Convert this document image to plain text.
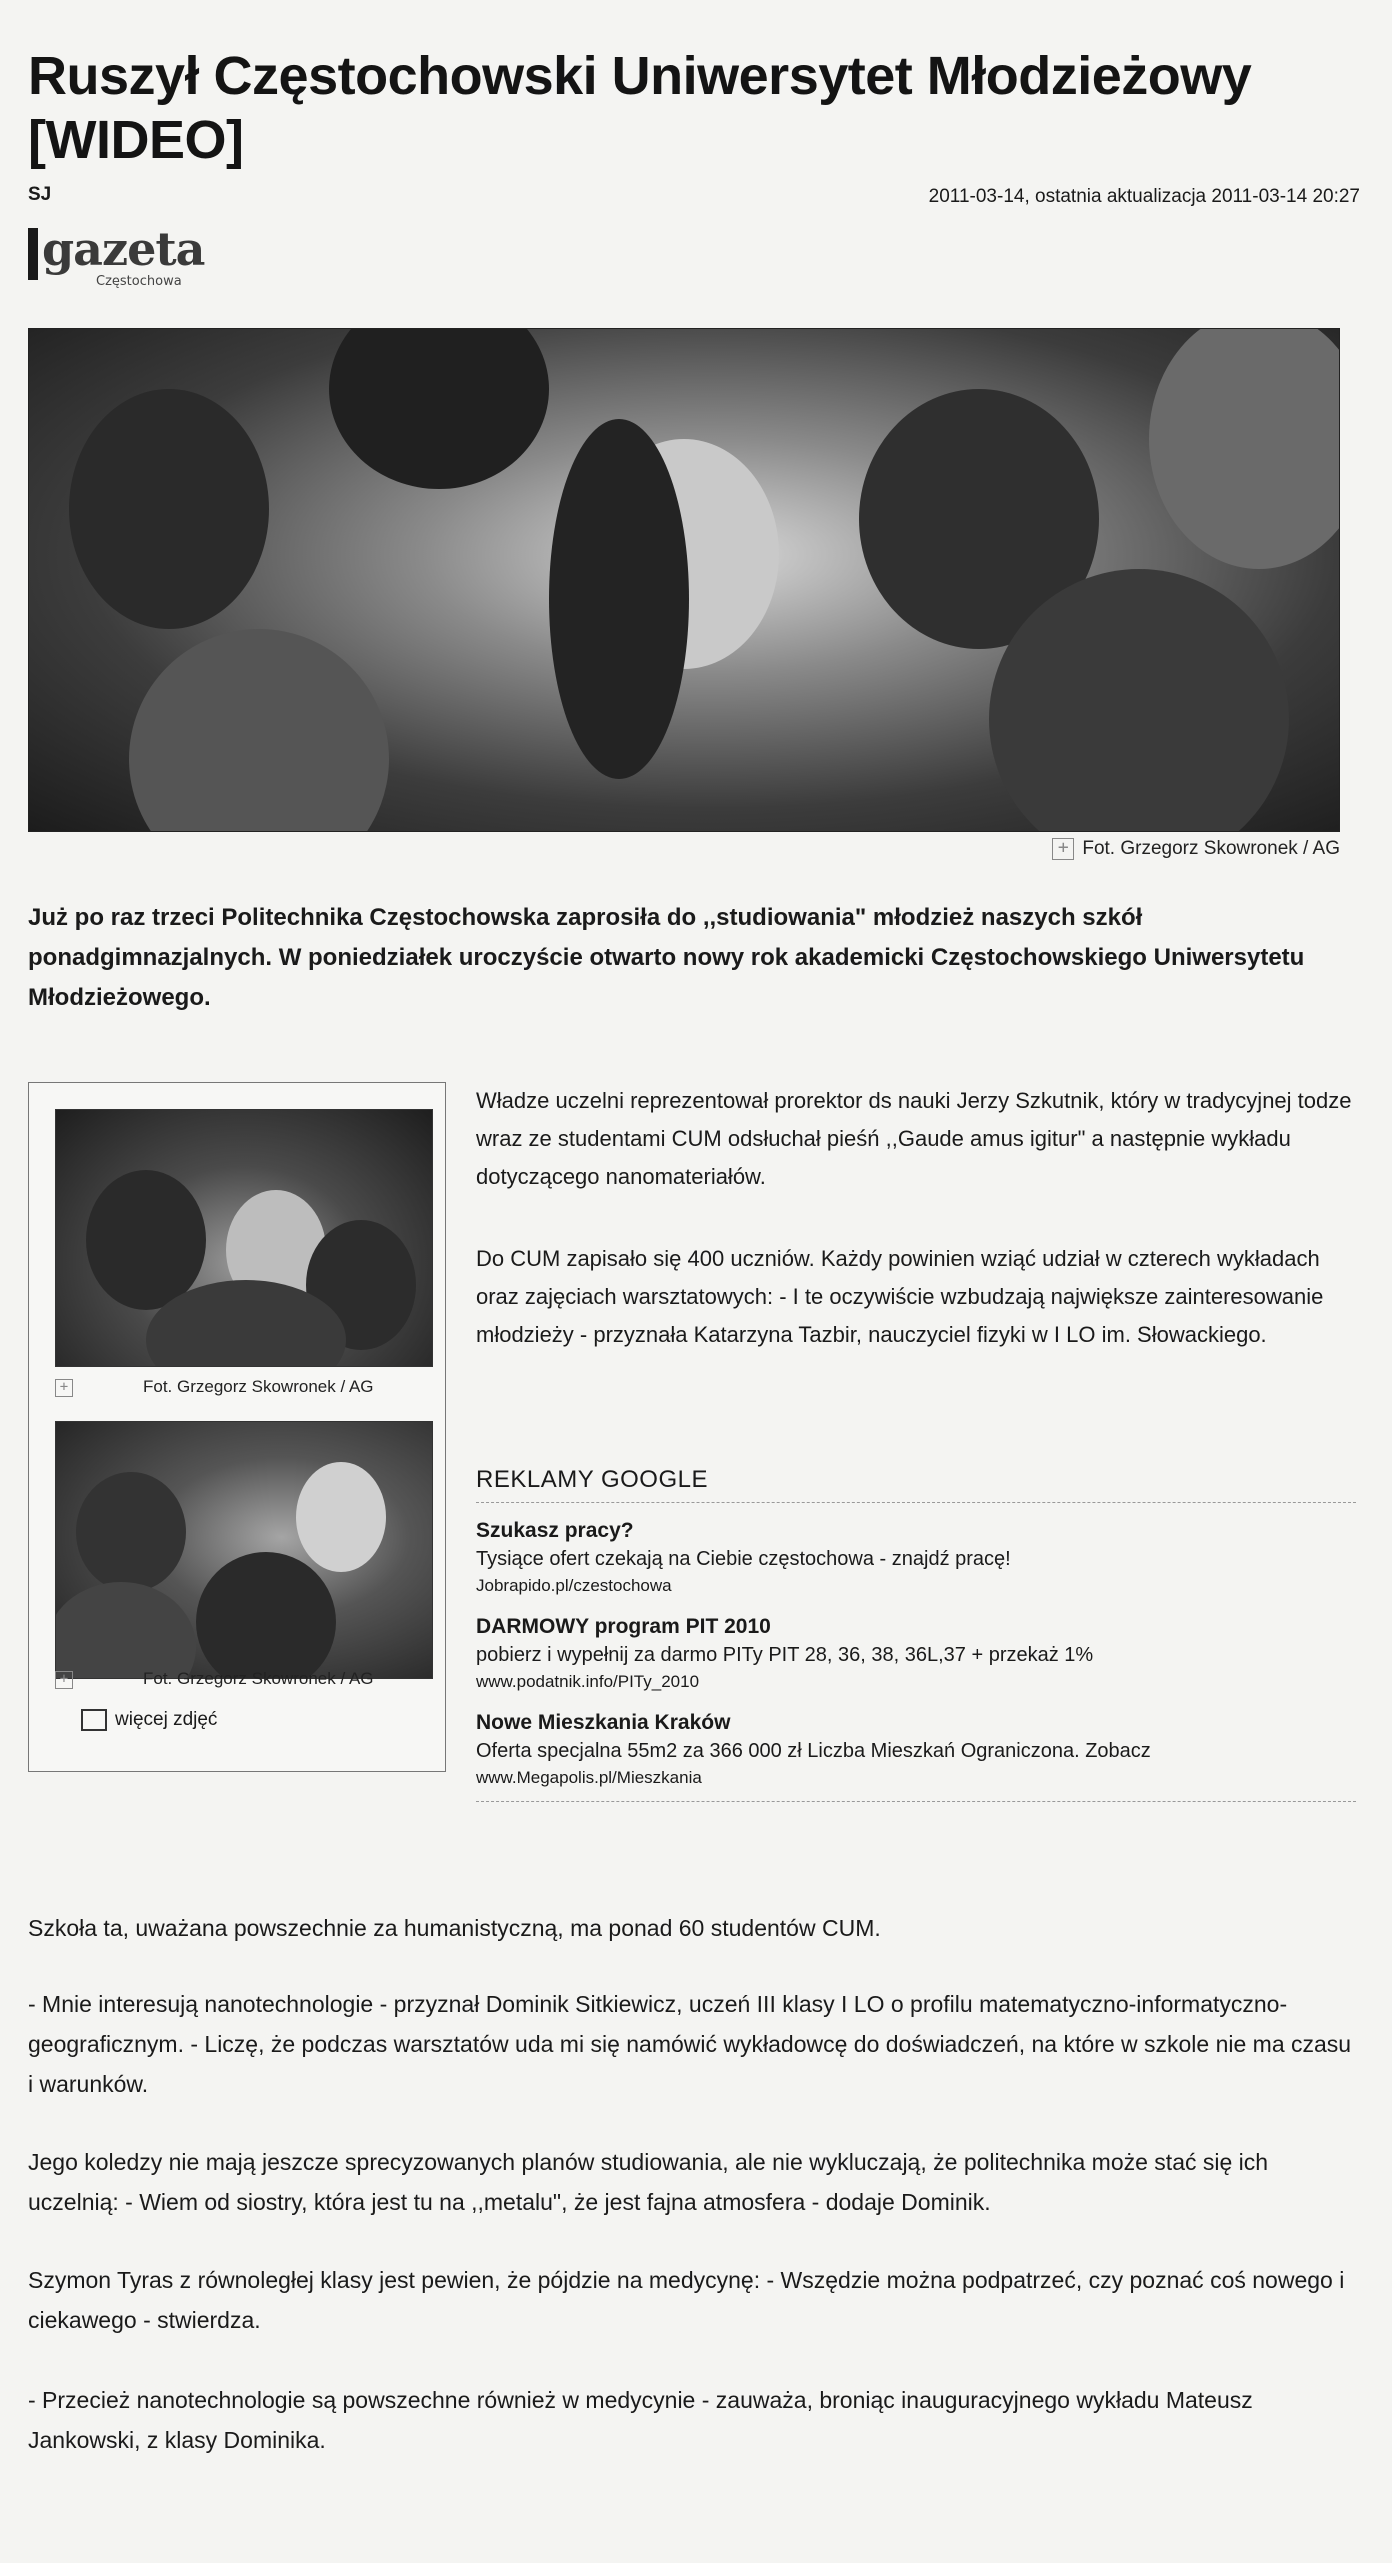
Ruszył Częstochowski Uniwersytet Młodzieżowy [WIDEO]
SJ	2011-03-14, ostatnia aktualizacja 2011-03-14 20:27
gazeta
Częstochowa
+ Fot. Grzegorz Skowronek / AG
Już po raz trzeci Politechnika Częstochowska zaprosiła do ,,studiowania" młodzież naszych szkół ponadgimnazjalnych. W poniedziałek uroczyście otwarto nowy rok akademicki Częstochowskiego Uniwersytetu Młodzieżowego.
+	Fot. Grzegorz Skowronek / AG
+	Fot. Grzegorz Skowronek / AG
więcej zdjęć

Władze uczelni reprezentował prorektor ds nauki Jerzy Szkutnik, który w tradycyjnej todze wraz ze studentami CUM odsłuchał pieśń ,,Gaude amus igitur" a następnie wykładu dotyczącego nanomateriałów.

Do CUM zapisało się 400 uczniów. Każdy powinien wziąć udział w czterech wykładach oraz zajęciach warsztatowych: - I te oczywiście wzbudzają największe zainteresowanie młodzieży - przyznała Katarzyna Tazbir, nauczyciel fizyki w I LO im. Słowackiego.

REKLAMY GOOGLE
Szukasz pracy?
Tysiące ofert czekają na Ciebie częstochowa - znajdź pracę!
Jobrapido.pl/czestochowa
DARMOWY program PIT 2010
pobierz i wypełnij za darmo PITy PIT 28, 36, 38, 36L,37 + przekaż 1%
www.podatnik.info/PITy_2010
Nowe Mieszkania Kraków
Oferta specjalna 55m2 za 366 000 zł Liczba Mieszkań Ograniczona. Zobacz
www.Megapolis.pl/Mieszkania

Szkoła ta, uważana powszechnie za humanistyczną, ma ponad 60 studentów CUM.

- Mnie interesują nanotechnologie - przyznał Dominik Sitkiewicz, uczeń III klasy I LO o profilu matematyczno-informatyczno-geograficznym. - Liczę, że podczas warsztatów uda mi się namówić wykładowcę do doświadczeń, na które w szkole nie ma czasu i warunków.

Jego koledzy nie mają jeszcze sprecyzowanych planów studiowania, ale nie wykluczają, że politechnika może stać się ich uczelnią: - Wiem od siostry, która jest tu na ,,metalu", że jest fajna atmosfera - dodaje Dominik.

Szymon Tyras z równoległej klasy jest pewien, że pójdzie na medycynę: - Wszędzie można podpatrzeć, czy poznać coś nowego i ciekawego - stwierdza.

- Przecież nanotechnologie są powszechne również w medycynie - zauważa, broniąc inauguracyjnego wykładu Mateusz Jankowski, z klasy Dominika.
